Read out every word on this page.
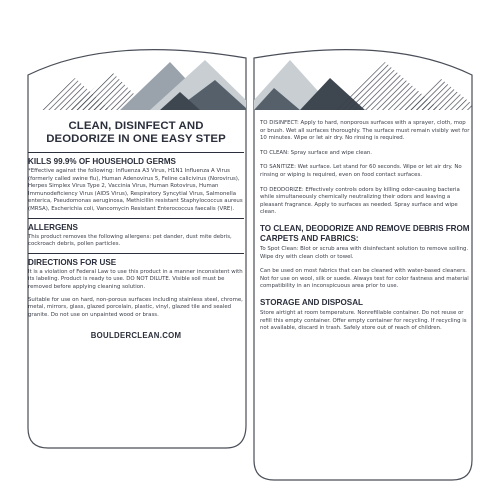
CLEAN, DISINFECT AND
DEODORIZE IN ONE EASY STEP
KILLS 99.9% OF HOUSEHOLD GERMS

*Effective against the following: Influenza A3 Virus, H1N1 Influenza A Virus (formerly called swine flu), Human Adenovirus 5, Feline calicivirus (Norovirus), Herpes Simplex Virus Type 2, Vaccinia Virus, Human Rotovirus, Human Immunodeficiency Virus (AIDS Virus), Respiratory Syncytial Virus, Salmonella enterica, Pseudomonas aeruginosa, Methicillin resistant Staphylococcus aureus (MRSA), Escherichia coli, Vancomycin Resistant Enterococcus faecalis (VRE).

ALLERGENS

This product removes the following allergens: pet dander, dust mite debris, cockroach debris, pollen particles.

DIRECTIONS FOR USE

It is a violation of Federal Law to use this product in a manner inconsistent with its labeling. Product is ready to use. DO NOT DILUTE. Visible soil must be removed before applying cleaning solution.

Suitable for use on hard, non-porous surfaces including stainless steel, chrome, metal, mirrors, glass, glazed porcelain, plastic, vinyl, glazed tile and sealed granite. Do not use on unpainted wood or brass.

BOULDERCLEAN.COM

TO DISINFECT: Apply to hard, nonporous surfaces with a sprayer, cloth, mop or brush. Wet all surfaces thoroughly. The surface must remain visibly wet for 10 minutes. Wipe or let air dry. No rinsing is required.

TO CLEAN: Spray surface and wipe clean.

TO SANITIZE: Wet surface. Let stand for 60 seconds. Wipe or let air dry. No rinsing or wiping is required, even on food contact surfaces.

TO DEODORIZE: Effectively controls odors by killing odor-causing bacteria while simultaneously chemically neutralizing their odors and leaving a pleasant fragrance. Apply to surfaces as needed. Spray surface and wipe clean.

TO CLEAN, DEODORIZE AND REMOVE DEBRIS FROM CARPETS AND FABRICS:

To Spot Clean: Blot or scrub area with disinfectant solution to remove soiling. Wipe dry with clean cloth or towel.

Can be used on most fabrics that can be cleaned with water-based cleaners. Not for use on wool, silk or suede. Always test for color fastness and material compatibility in an inconspicuous area prior to use.

STORAGE AND DISPOSAL

Store airtight at room temperature. Nonrefillable container. Do not reuse or refill this empty container. Offer empty container for recycling. If recycling is not available, discard in trash. Safely store out of reach of children.
